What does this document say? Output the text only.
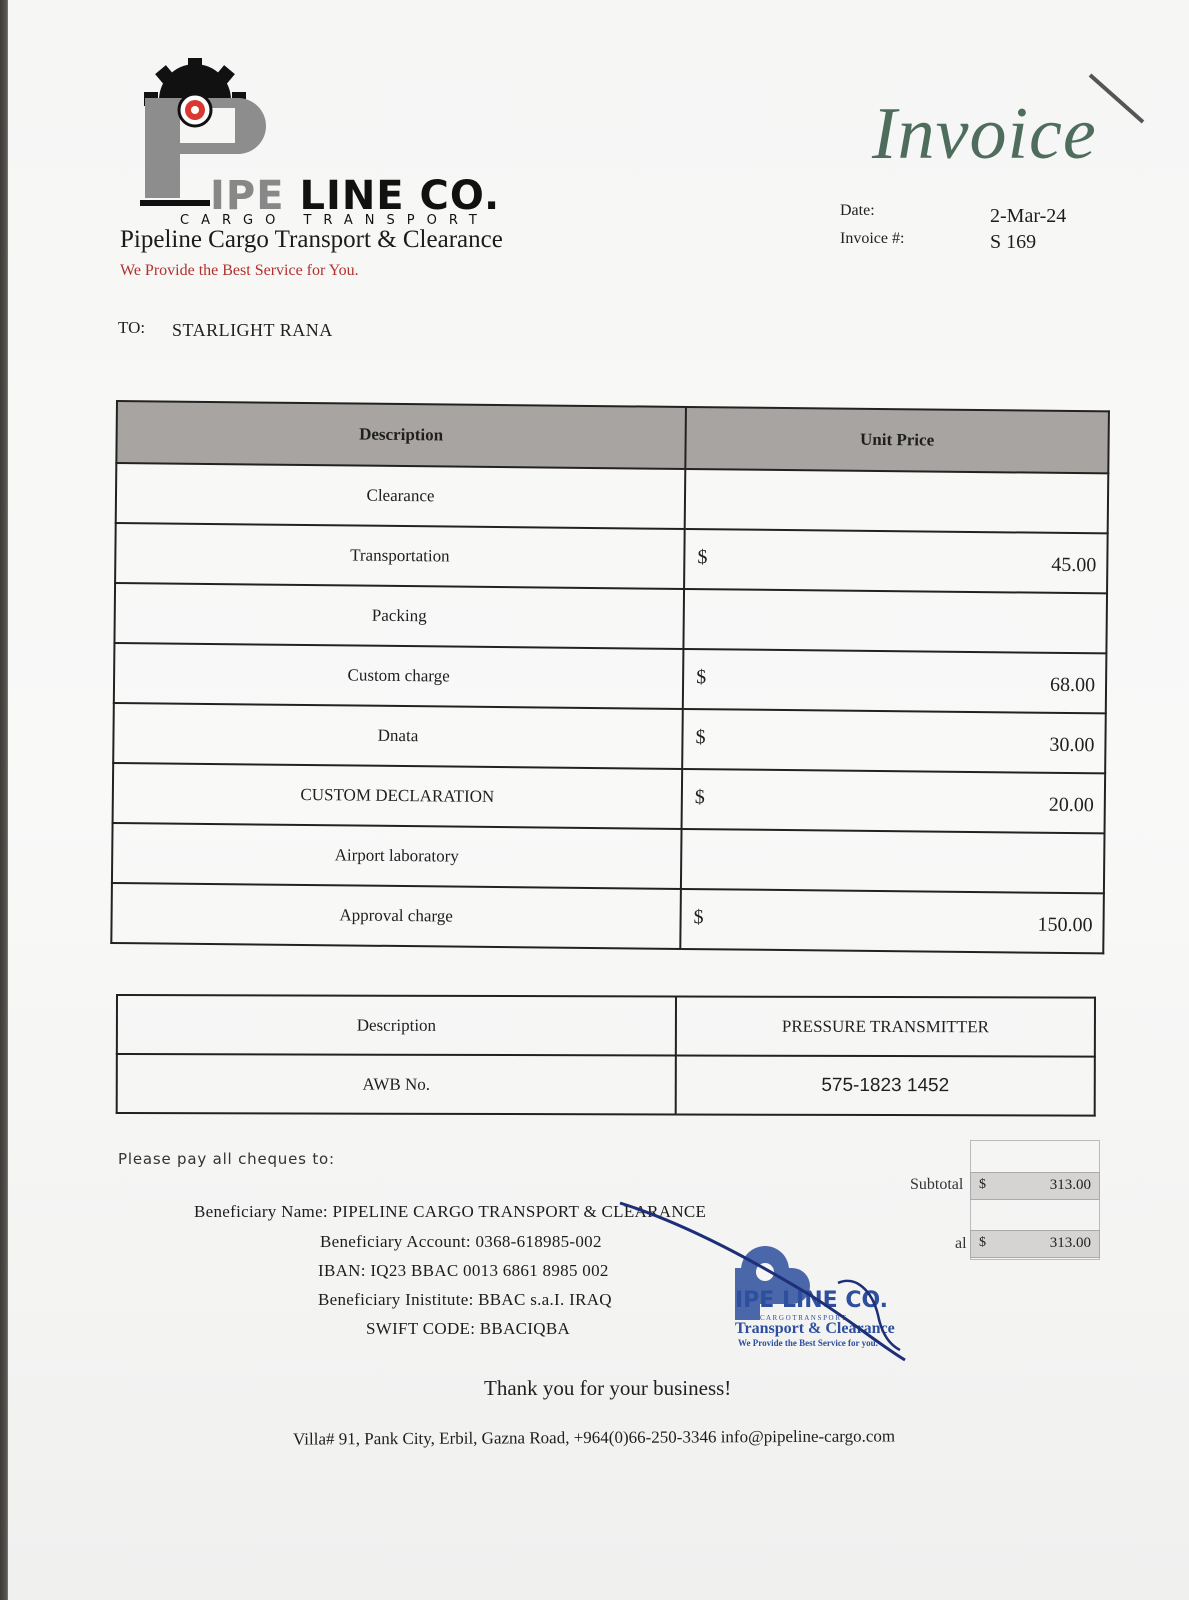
IPE LINE CO.
CARGO TRANSPORT
Pipeline Cargo Transport & Clearance
We Provide the Best Service for You.
Invoice
Date:	2-Mar-24
Invoice #:	S 169
TO: STARLIGHT RANA
Description	Unit Price
Clearance	

Transportation	$ 45.00

Packing	

Custom charge	$ 68.00

Dnata	$ 30.00

CUSTOM DECLARATION	$ 20.00

Airport laboratory	

Approval charge	$ 150.00
Description	PRESSURE TRANSMITTER
AWB No.	575-1823 1452
Please pay all cheques to:
Beneficiary Name: PIPELINE CARGO TRANSPORT & CLEARANCE
Beneficiary Account: 0368-618985-002
IBAN: IQ23 BBAC 0013 6861 8985 002
Beneficiary Inistitute: BBAC s.a.I. IRAQ
SWIFT CODE: BBACIQBA
Subtotal $	313.00
al $	313.00
IPE LINE CO.
C A R G O T R A N S P O R T
Transport & Clearance
We Provide the Best Service for you.
Thank you for your business!
Villa# 91, Pank City, Erbil, Gazna Road, +964(0)66-250-3346 info@pipeline-cargo.com
